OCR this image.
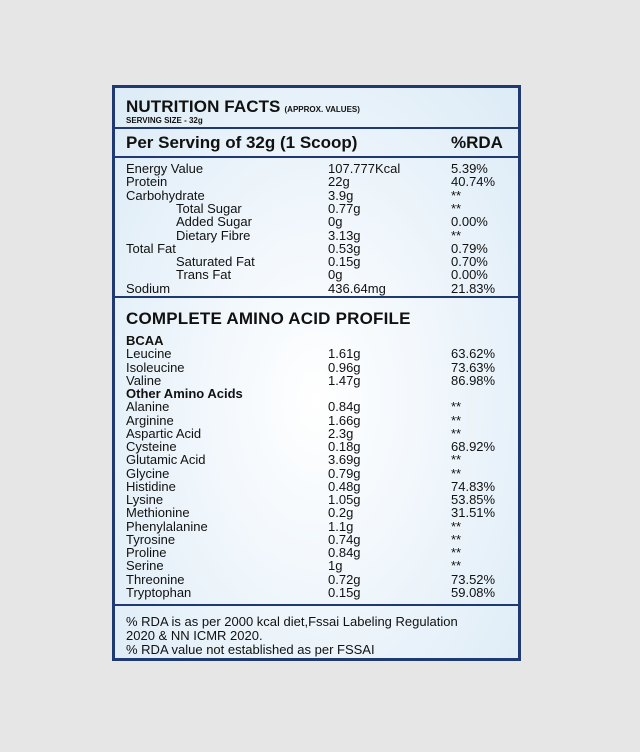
NUTRITION FACTS (APPROX. VALUES)
SERVING SIZE - 32g
Per Serving of 32g (1 Scoop)	%RDA
Energy Value	107.777Kcal	5.39%
Protein	22g	40.74%
Carbohydrate	3.9g	**
Total Sugar	0.77g	**
Added Sugar	0g	0.00%
Dietary Fibre	3.13g	**
Total Fat	0.53g	0.79%
Saturated Fat	0.15g	0.70%
Trans Fat	0g	0.00%
Sodium	436.64mg	21.83%
COMPLETE AMINO ACID PROFILE
BCAA
Leucine	1.61g	63.62%
Isoleucine	0.96g	73.63%
Valine	1.47g	86.98%
Other Amino Acids
Alanine	0.84g	**
Arginine	1.66g	**
Aspartic Acid	2.3g	**
Cysteine	0.18g	68.92%
Glutamic Acid	3.69g	**
Glycine	0.79g	**
Histidine	0.48g	74.83%
Lysine	1.05g	53.85%
Methionine	0.2g	31.51%
Phenylalanine	1.1g	**
Tyrosine	0.74g	**
Proline	0.84g	**
Serine	1g	**
Threonine	0.72g	73.52%
Tryptophan	0.15g	59.08%
% RDA is as per 2000 kcal diet,Fssai Labeling Regulation
2020 & NN ICMR 2020.
% RDA value not established as per FSSAI
